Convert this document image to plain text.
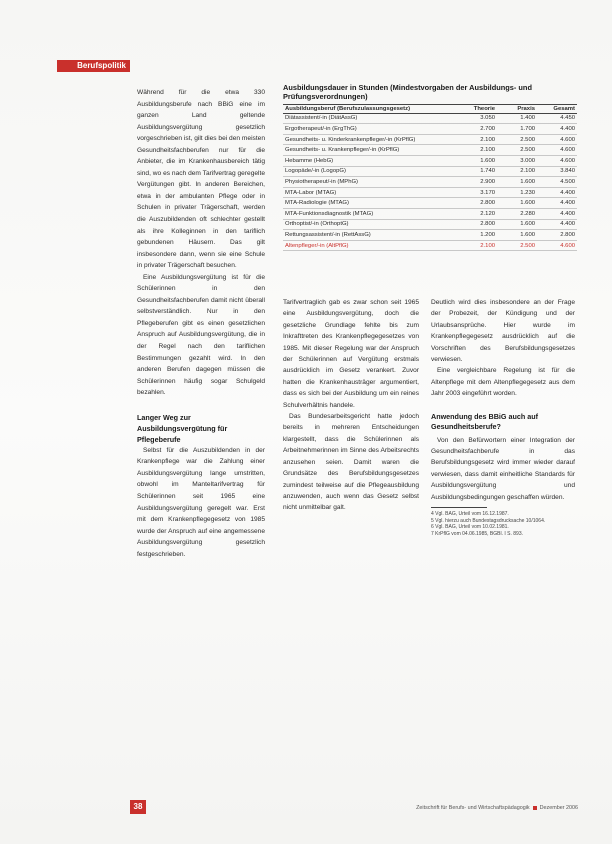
Berufspolitik

Während für die etwa 330 Ausbildungsberufe nach BBiG eine im ganzen Land geltende Ausbildungsvergütung gesetzlich vorgeschrieben ist, gilt dies bei den meisten Gesundheitsfachberufen nur für die Anbieter, die im Krankenhausbereich tätig sind, wo es nach dem Tarifvertrag geregelte Vergütungen gibt. In anderen Bereichen, etwa in der ambulanten Pflege oder in Schulen in privater Trägerschaft, werden die Auszubildenden oft schlechter gestellt als ihre Kolleginnen in den tariflich gebundenen Häusern. Das gilt insbesondere dann, wenn sie eine Schule in privater Trägerschaft besuchen.

Eine Ausbildungsvergütung ist für die Schülerinnen in den Gesundheitsfachberufen damit nicht überall selbstverständlich. Nur in den Pflegeberufen gibt es einen gesetzlichen Anspruch auf Ausbildungsvergütung, die in der Regel nach den tariflichen Bestimmungen gezahlt wird. In den anderen Berufen dagegen müssen die Schülerinnen häufig sogar Schulgeld bezahlen.

Langer Weg zur Ausbildungsvergütung für Pflegeberufe

Selbst für die Auszubildenden in der Krankenpflege war die Zahlung einer Ausbildungsvergütung lange umstritten, obwohl im Manteltarifvertrag für Schülerinnen seit 1965 eine Ausbildungsvergütung geregelt war. Erst mit dem Krankenpflegegesetz von 1985 wurde der Anspruch auf eine angemessene Ausbildungsvergütung gesetzlich festgeschrieben.

Ausbildungsdauer in Stunden (Mindestvorgaben der Ausbildungs- und Prüfungsverordnungen)
Ausbildungsberuf (Berufszulassungsgesetz)	Theorie	Praxis	Gesamt
Diätassistent/-in (DiätAssG)	3.050	1.400	4.450
Ergotherapeut/-in (ErgThG)	2.700	1.700	4.400
Gesundheits- u. Kinderkrankenpfleger/-in (KrPflG)	2.100	2.500	4.600
Gesundheits- u. Krankenpfleger/-in (KrPflG)	2.100	2.500	4.600
Hebamme (HebG)	1.600	3.000	4.600
Logopäde/-in (LogopG)	1.740	2.100	3.840
Physiotherapeut/-in (MPhG)	2.900	1.600	4.500
MTA-Labor (MTAG)	3.170	1.230	4.400
MTA-Radiologie (MTAG)	2.800	1.600	4.400
MTA-Funktionsdiagnostik (MTAG)	2.120	2.280	4.400
Orthoptist/-in (OrthoptG)	2.800	1.600	4.400
Rettungsassistent/-in (RettAssG)	1.200	1.600	2.800
Altenpfleger/-in (AltPflG)	2.100	2.500	4.600

Tarifvertraglich gab es zwar schon seit 1965 eine Ausbildungsvergütung, doch die gesetzliche Grundlage fehlte bis zum Inkrafttreten des Krankenpflegegesetzes von 1985. Mit dieser Regelung war der Anspruch der Schülerinnen auf Vergütung erstmals ausdrücklich im Gesetz verankert. Zuvor hatten die Krankenhausträger argumentiert, dass es sich bei der Ausbildung um ein reines Schulverhältnis handele.

Das Bundesarbeitsgericht hatte jedoch bereits in mehreren Entscheidungen klargestellt, dass die Schülerinnen als Arbeitnehmerinnen im Sinne des Arbeitsrechts anzusehen seien. Damit waren die Grundsätze des Berufsbildungsgesetzes zumindest teilweise auf die Pflegeausbildung anzuwenden, auch wenn das Gesetz selbst nicht unmittelbar galt.

Deutlich wird dies insbesondere an der Frage der Probezeit, der Kündigung und der Urlaubsansprüche. Hier wurde im Krankenpflegegesetz ausdrücklich auf die Vorschriften des Berufsbildungsgesetzes verwiesen.

Eine vergleichbare Regelung ist für die Altenpflege mit dem Altenpflegegesetz aus dem Jahr 2003 eingeführt worden.

Anwendung des BBiG auch auf Gesundheitsberufe?

Von den Befürwortern einer Integration der Gesundheitsfachberufe in das Berufsbildungsgesetz wird immer wieder darauf verwiesen, dass damit einheitliche Standards für Ausbildungsvergütung und Ausbildungsbedingungen geschaffen würden.

4 Vgl. BAG, Urteil vom 16.12.1987.
5 Vgl. hierzu auch Bundestagsdrucksache 10/1064.
6 Vgl. BAG, Urteil vom 10.02.1981.
7 KrPflG vom 04.06.1985, BGBl. I S. 893.
38	Zeitschrift für Berufs- und Wirtschaftspädagogik Dezember 2006
